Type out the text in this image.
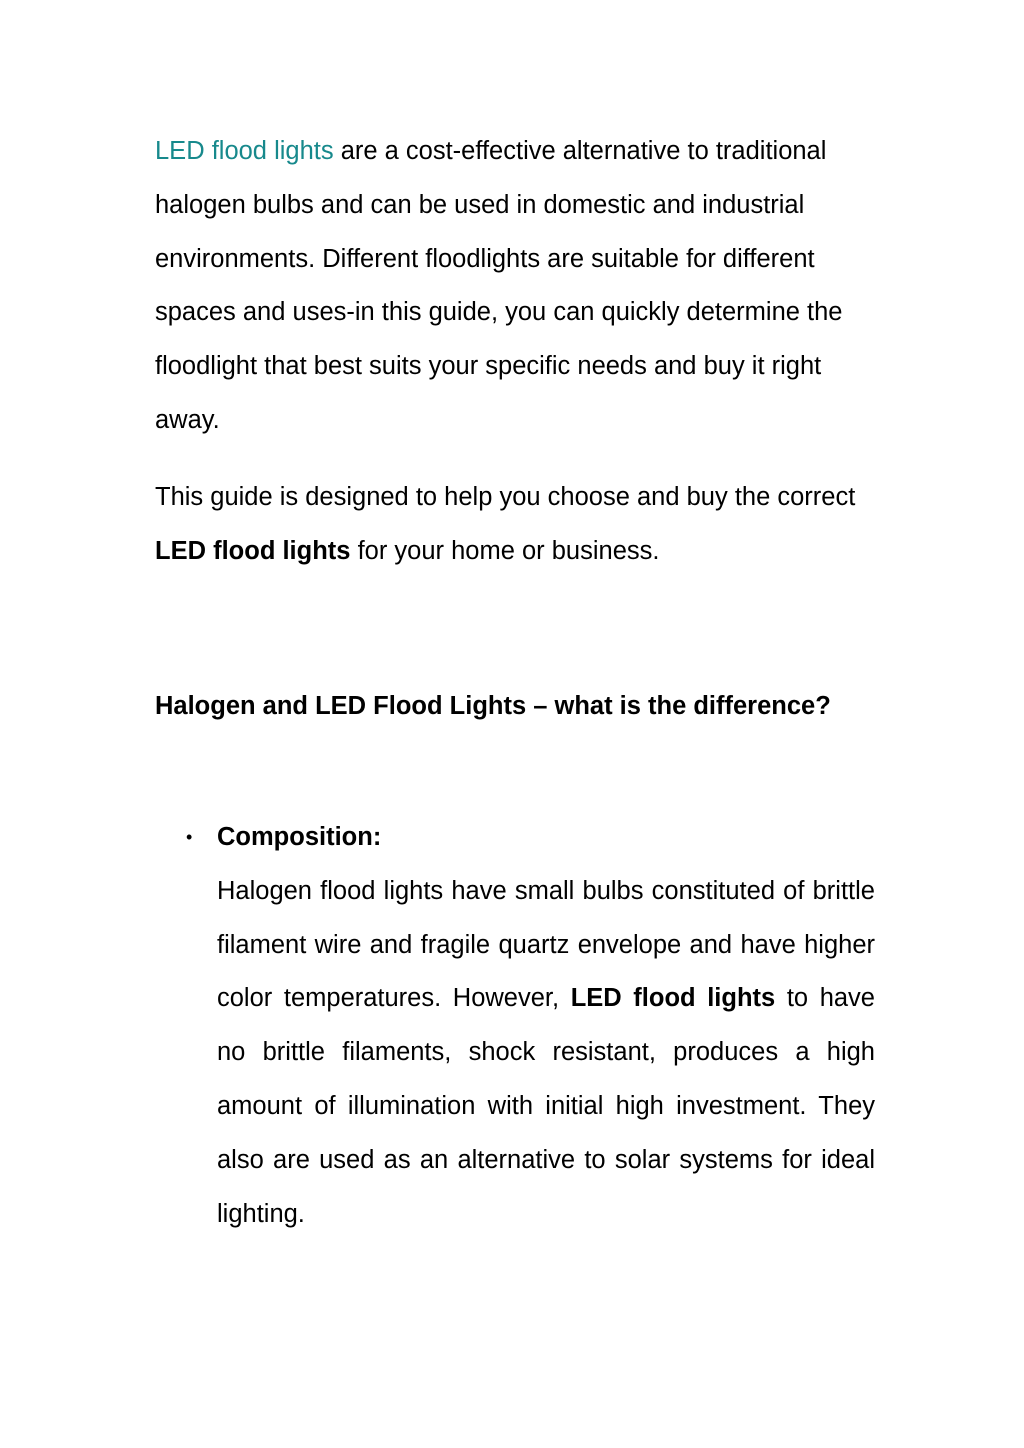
LED flood lights are a cost-effective alternative to traditional halogen bulbs and can be used in domestic and industrial environments. Different floodlights are suitable for different spaces and uses-in this guide, you can quickly determine the floodlight that best suits your specific needs and buy it right away.

This guide is designed to help you choose and buy the correct LED flood lights for your home or business.

Halogen and LED Flood Lights – what is the difference?
• Composition:

Halogen flood lights have small bulbs constituted of brittle filament wire and fragile quartz envelope and have higher color temperatures. However, LED flood lights to have no brittle filaments, shock resistant, produces a high amount of illumination with initial high investment. They also are used as an alternative to solar systems for ideal lighting.
